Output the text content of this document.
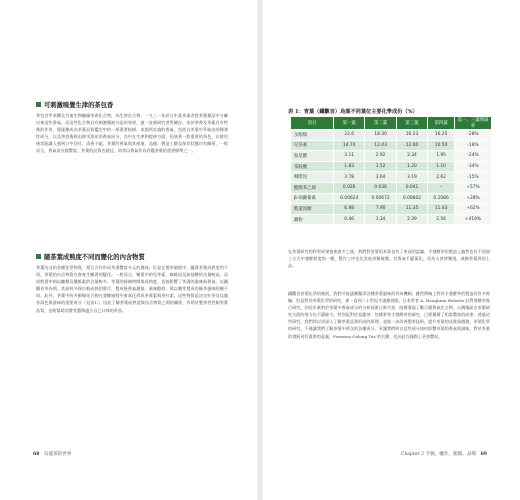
可刺激嗅覺生津的茶包香

茶包含甲苯酸及其他生物鹼綠茶香化合物，為生津化合物，一九三一年於台中某茶業者從茶葉樣品中分離出來這些香氣，而這些化合物具有刺激唾液分泌的效果，遂一直被研究者所關注。由於茶香及茶素具有特殊的作用，便逐漸成為茶葉品質鑑定中的一項重要指標。本節所討論的香氣，包括自茶葉中萃取出的揮發性成分，以及沖泡後經由熱水溶出的香氣成分，其中在生津和提神方面，扮演著一般重要的角色，在飲用後常能讓人感到口中回甘、清香不絕。茶葉的香氣與其產地、品種、製造工藝及保存狀態均有關係，一般而言，香氣成分越豐富，茶葉的品質也越佳，故常以香氣作為評鑑茶葉的重要標準之一。

隨茶葉成熟度不同而變化的內含物質

茶葉內含的各種化學物質，相互合作形成茶湯豐富多元的風味，但是在製茶過程中，隨著茶葉成熟度的不同，茶葉的內含物質也會產生顯著的變化。一般而言，嫩葉中的兒茶素、咖啡因及胺基酸的含量較高，而成熟葉中則以醣類及纖維素的含量較多。茶葉的採摘時間與成熟度，直接影響了茶湯的滋味與香氣。以鐵觀音茶為例，其原料多採自較成熟的葉片，製成後香氣濃郁、滋味醇厚，與以嫩芽製成的綠茶風味明顯不同。此外，茶葉中的多酚類化合物在發酵過程中會氧化形成茶黃素與茶紅素，這些物質是決定紅茶及烏龍茶湯色與滋味的重要成分（見表1）。因此了解茶葉成熟度與內含物質之間的關係，有助於製茶者控制茶葉品質，也能幫助消費者選擇適合自己口味的茶品。

68 烏龍茶的世界
表 1：青葉（鐵觀音）烏葉不同葉位主要化學成份（%）
項目	第一葉	第二葉	第三葉	第四葉	第一、三葉增減率
多酚類	22.6	18.30	16.23	16.25	-28%
兒茶素	14.74	12.43	12.00	10.50	-18%
胺基酸	3.11	2.92	2.34	1.95	-24%
茶胺酸	1.83	1.52	1.20	1.10	-34%
咖啡因	3.78	3.64	3.19	2.62	-15%
酯醇苯乙烯	0.026	0.036	0.041	–	+57%
β-胡蘿蔔素	0.00624	0.00672	0.00802	0.1086	+28%
酯還原糖	6.98	7.90	11.35	11.43	+62%
澱粉	0.46	1.34	2.39	2.56	+419%

在茶葉研究的科學成果愈來愈多之後，我們對茶葉的本質也有了更深的認識。半發酵茶的製造上雖然也有不同加工方式中發酵程度的一種，製作工序也比其他茶類複雜，其香氣千變萬化，更為人津津樂道，咸稱茶葉界的上品。

鐵觀音茶葉化學的進展，我們才能逐漸釐清各種茶葉風味的形成機制。雖然傳統上對於半發酵茶的製造有許多經驗，但是對於茶葉化學的研究，卻一直到二十世紀才逐漸展開。日本學者 A. Houghton Roberts 針對發酵茶進行研究，到近年來對於茶葉中香氣成分的分析技術日新月異，陸續發現了數百種香氣化合物。台灣地區在茶葉研究方面的努力也不遺餘力，特別是對於烏龍茶、包種茶等半發酵茶的研究，已經累積了相當豐富的成果。透過這些研究，我們得以更深入了解茶葉品質形成的原理，並進一步改善製茶技術，提升茶葉的品質與價值。茶葉化學的研究，不僅讓我們了解茶葉中所含的各種成分，更讓我們明白這些成分如何影響茶葉的香氣與滋味，對於茶業的發展具有重要的意義。Formosa Oolong Tea 的名聲，也因此在國際上更加響亮。

Chapter 2 手腕、曬作、閣陽、品嚐 69
